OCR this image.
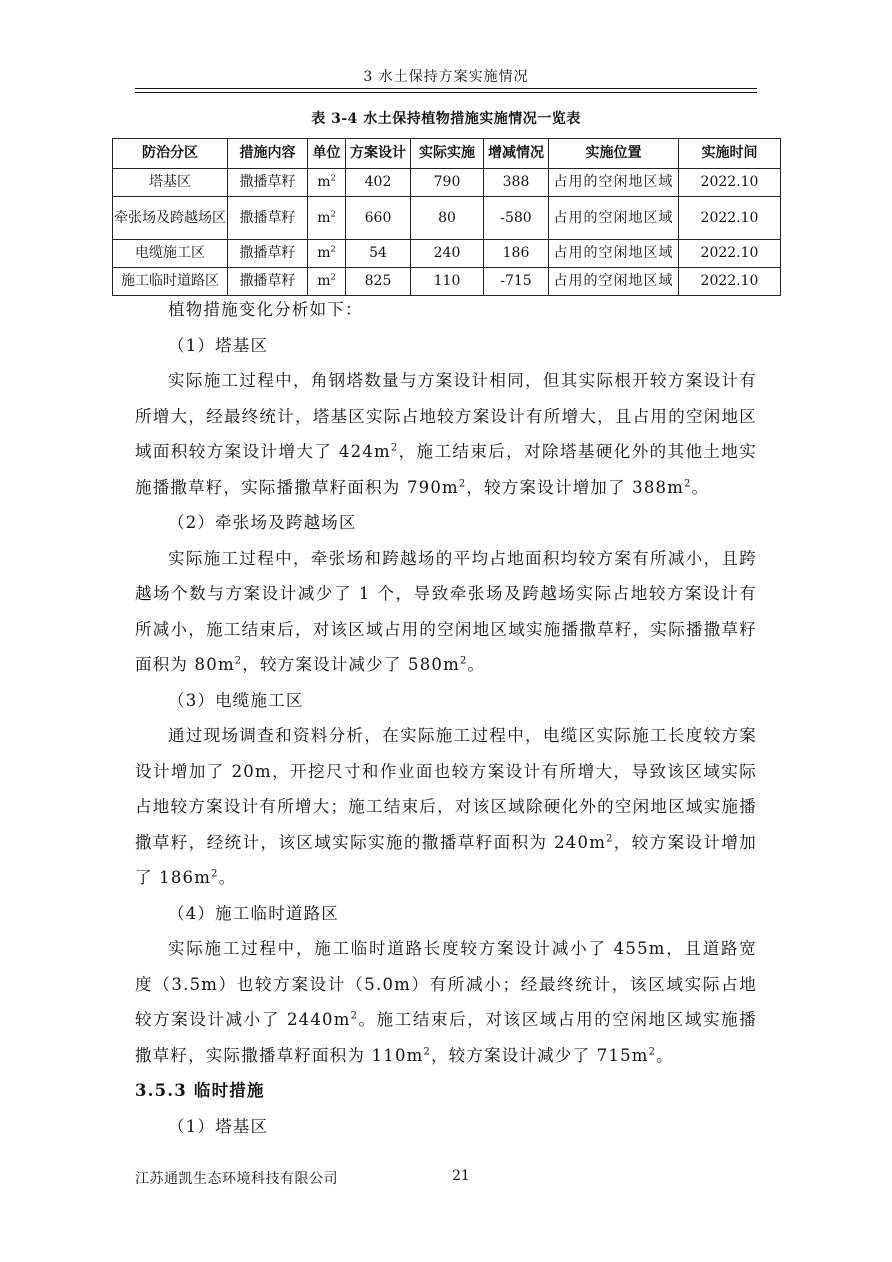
3 水土保持方案实施情况
表 3-4 水土保持植物措施实施情况一览表
防治分区	措施内容	单位	方案设计	实际实施	增减情况	实施位置	实施时间
塔基区	撒播草籽	$m^2$	402	790	388	占用的空闲地区域	2022.10
牵张场及跨越场区	撒播草籽	$m^2$	660	80	-580	占用的空闲地区域	2022.10
电缆施工区	撒播草籽	$m^2$	54	240	186	占用的空闲地区域	2022.10
施工临时道路区	撒播草籽	$m^2$	825	110	-715	占用的空闲地区域	2022.10

植物措施变化分析如下：

（1）塔基区

实际施工过程中，角钢塔数量与方案设计相同，但其实际根开较方案设计有所增大，经最终统计，塔基区实际占地较方案设计有所增大，且占用的空闲地区域面积较方案设计增大了 $424m^2$，施工结束后，对除塔基硬化外的其他土地实施播撒草籽，实际播撒草籽面积为 $790m^2$，较方案设计增加了 $388m^2$。

（2）牵张场及跨越场区

实际施工过程中，牵张场和跨越场的平均占地面积均较方案有所减小，且跨越场个数与方案设计减少了 1 个，导致牵张场及跨越场实际占地较方案设计有所减小，施工结束后，对该区域占用的空闲地区域实施播撒草籽，实际播撒草籽面积为 $80m^2$，较方案设计减少了 $580m^2$。

（3）电缆施工区

通过现场调查和资料分析，在实际施工过程中，电缆区实际施工长度较方案设计增加了 20m，开挖尺寸和作业面也较方案设计有所增大，导致该区域实际占地较方案设计有所增大；施工结束后，对该区域除硬化外的空闲地区域实施播撒草籽，经统计，该区域实际实施的撒播草籽面积为 $240m^2$，较方案设计增加了 $186m^2$。

（4）施工临时道路区

实际施工过程中，施工临时道路长度较方案设计减小了 455m，且道路宽度（3.5m）也较方案设计（5.0m）有所减小；经最终统计，该区域实际占地较方案设计减小了 $2440m^2$。施工结束后，对该区域占用的空闲地区域实施播撒草籽，实际撒播草籽面积为 $110m^2$，较方案设计减少了 $715m^2$。

3.5.3 临时措施

（1）塔基区

江苏通凯生态环境科技有限公司	21
